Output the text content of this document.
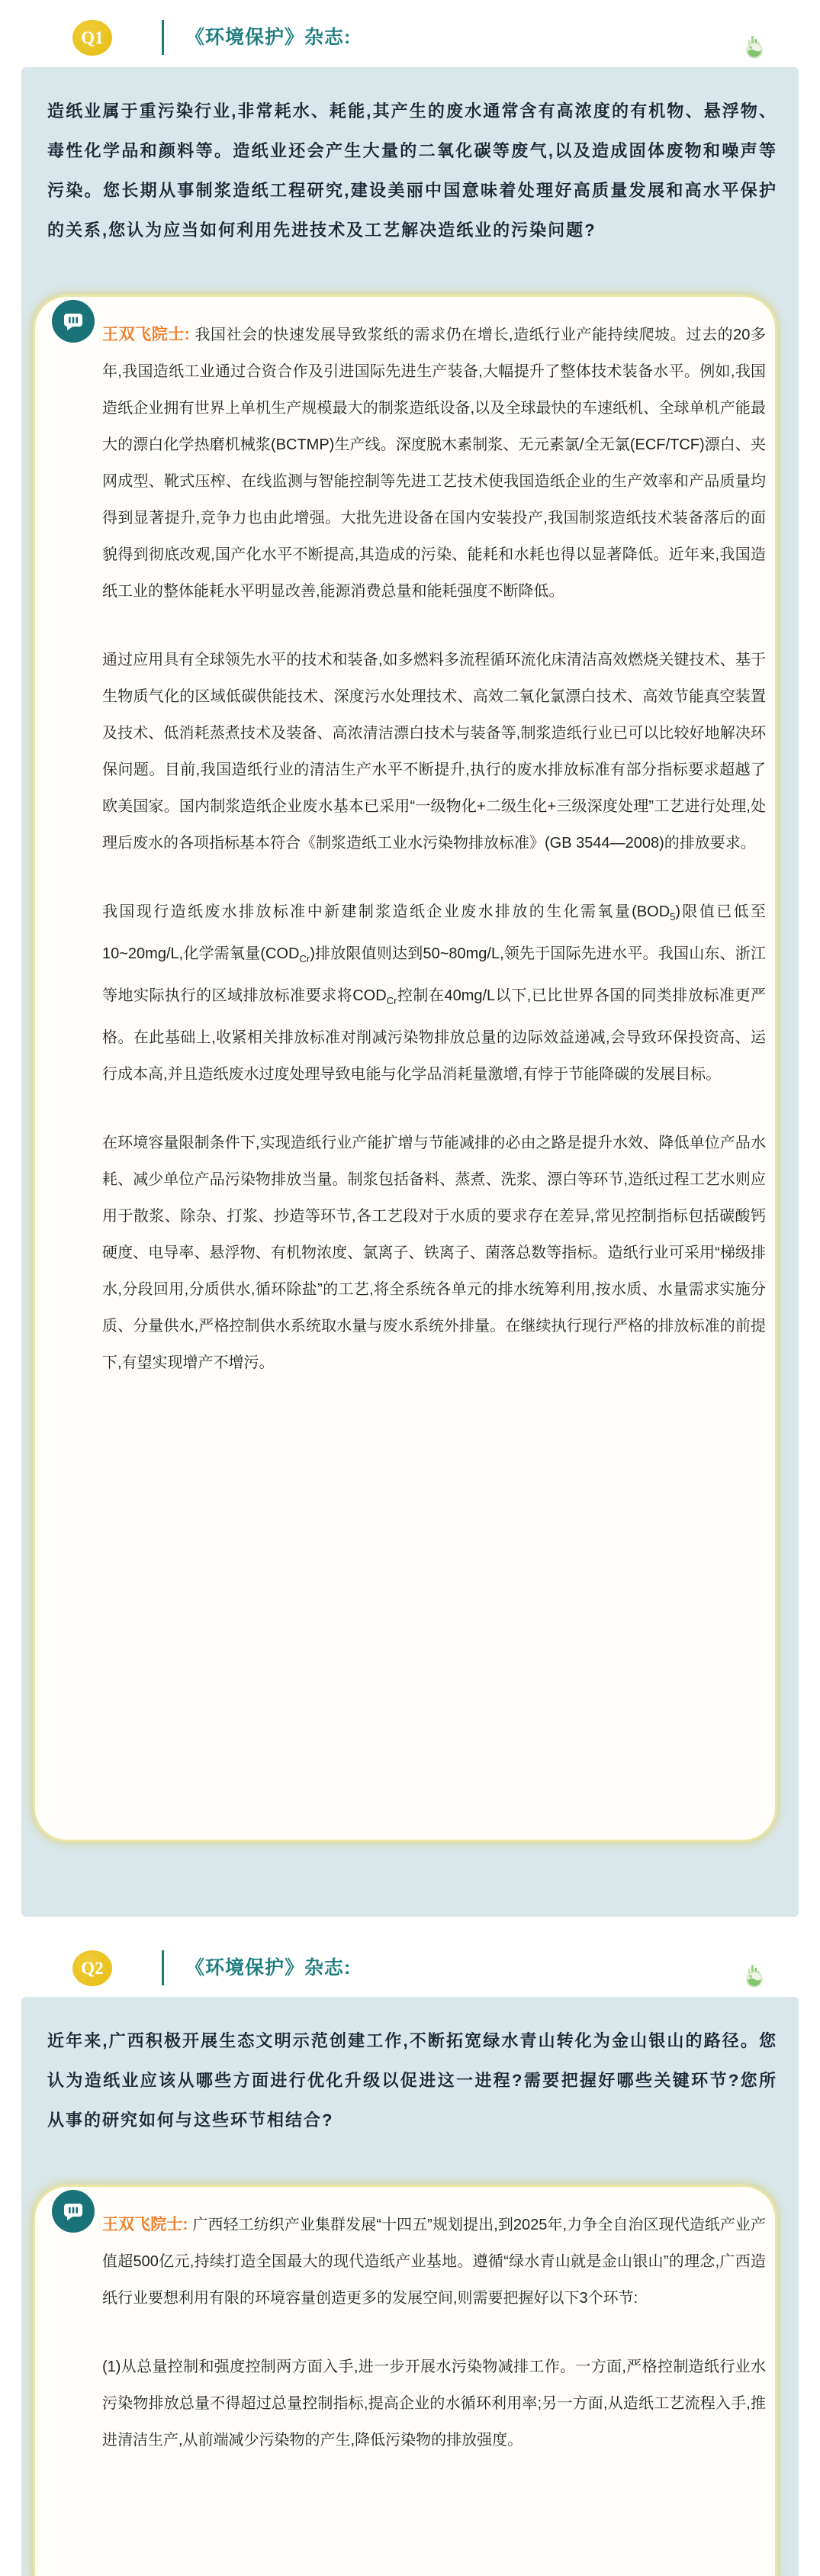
Q1	《环境保护》杂志:

造纸业属于重污染行业,非常耗水、耗能,其产生的废水通常含有高浓度的有机物、悬浮物、毒性化学品和颜料等。造纸业还会产生大量的二氧化碳等废气,以及造成固体废物和噪声等污染。您长期从事制浆造纸工程研究,建设美丽中国意味着处理好高质量发展和高水平保护的关系,您认为应当如何利用先进技术及工艺解决造纸业的污染问题?

王双飞院士: 我国社会的快速发展导致浆纸的需求仍在增长,造纸行业产能持续爬坡。过去的20多年,我国造纸工业通过合资合作及引进国际先进生产装备,大幅提升了整体技术装备水平。例如,我国造纸企业拥有世界上单机生产规模最大的制浆造纸设备,以及全球最快的车速纸机、全球单机产能最大的漂白化学热磨机械浆(BCTMP)生产线。深度脱木素制浆、无元素氯/全无氯(ECF/TCF)漂白、夹网成型、靴式压榨、在线监测与智能控制等先进工艺技术使我国造纸企业的生产效率和产品质量均得到显著提升,竞争力也由此增强。大批先进设备在国内安装投产,我国制浆造纸技术装备落后的面貌得到彻底改观,国产化水平不断提高,其造成的污染、能耗和水耗也得以显著降低。近年来,我国造纸工业的整体能耗水平明显改善,能源消费总量和能耗强度不断降低。

通过应用具有全球领先水平的技术和装备,如多燃料多流程循环流化床清洁高效燃烧关键技术、基于生物质气化的区域低碳供能技术、深度污水处理技术、高效二氧化氯漂白技术、高效节能真空装置及技术、低消耗蒸煮技术及装备、高浓清洁漂白技术与装备等,制浆造纸行业已可以比较好地解决环保问题。目前,我国造纸行业的清洁生产水平不断提升,执行的废水排放标准有部分指标要求超越了欧美国家。国内制浆造纸企业废水基本已采用“一级物化+二级生化+三级深度处理”工艺进行处理,处理后废水的各项指标基本符合《制浆造纸工业水污染物排放标准》(GB 3544—2008)的排放要求。

我国现行造纸废水排放标准中新建制浆造纸企业废水排放的生化需氧量$(BOD_5)$限值已低至10~20mg/L,化学需氧量$(COD_{Cr})$排放限值则达到50~80mg/L,领先于国际先进水平。我国山东、浙江等地实际执行的区域排放标准要求将$COD_{Cr}$控制在40mg/L以下,已比世界各国的同类排放标准更严格。在此基础上,收紧相关排放标准对削减污染物排放总量的边际效益递减,会导致环保投资高、运行成本高,并且造纸废水过度处理导致电能与化学品消耗量激增,有悖于节能降碳的发展目标。

在环境容量限制条件下,实现造纸行业产能扩增与节能减排的必由之路是提升水效、降低单位产品水耗、减少单位产品污染物排放当量。制浆包括备料、蒸煮、洗浆、漂白等环节,造纸过程工艺水则应用于散浆、除杂、打浆、抄造等环节,各工艺段对于水质的要求存在差异,常见控制指标包括碳酸钙硬度、电导率、悬浮物、有机物浓度、氯离子、铁离子、菌落总数等指标。造纸行业可采用“梯级排水,分段回用,分质供水,循环除盐”的工艺,将全系统各单元的排水统筹利用,按水质、水量需求实施分质、分量供水,严格控制供水系统取水量与废水系统外排量。在继续执行现行严格的排放标准的前提下,有望实现增产不增污。

Q2	《环境保护》杂志:

近年来,广西积极开展生态文明示范创建工作,不断拓宽绿水青山转化为金山银山的路径。您认为造纸业应该从哪些方面进行优化升级以促进这一进程?需要把握好哪些关键环节?您所从事的研究如何与这些环节相结合?

王双飞院士: 广西轻工纺织产业集群发展“十四五”规划提出,到2025年,力争全自治区现代造纸产业产值超500亿元,持续打造全国最大的现代造纸产业基地。遵循“绿水青山就是金山银山”的理念,广西造纸行业要想利用有限的环境容量创造更多的发展空间,则需要把握好以下3个环节:

(1)从总量控制和强度控制两方面入手,进一步开展水污染物减排工作。一方面,严格控制造纸行业水污染物排放总量不得超过总量控制指标,提高企业的水循环利用率;另一方面,从造纸工艺流程入手,推进清洁生产,从前端减少污染物的产生,降低污染物的排放强度。
